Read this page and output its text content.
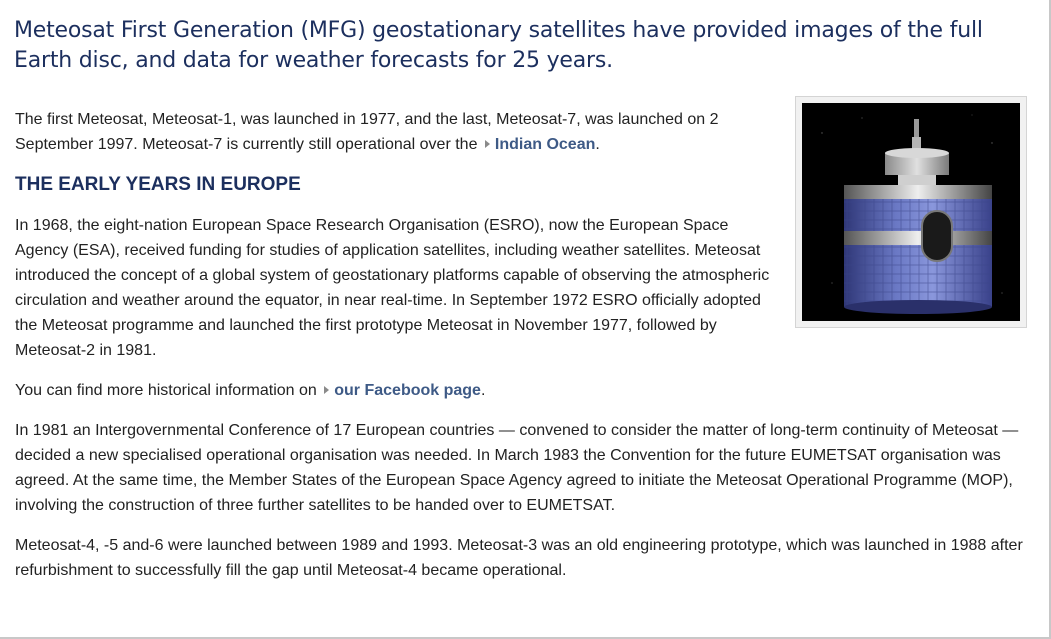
Meteosat First Generation (MFG) geostationary satellites have provided images of the full Earth disc, and data for weather forecasts for 25 years.

The first Meteosat, Meteosat-1, was launched in 1977, and the last, Meteosat-7, was launched on 2 September 1997. Meteosat-7 is currently still operational over the Indian Ocean.

THE EARLY YEARS IN EUROPE

In 1968, the eight-nation European Space Research Organisation (ESRO), now the European Space Agency (ESA), received funding for studies of application satellites, including weather satellites. Meteosat introduced the concept of a global system of geostationary platforms capable of observing the atmospheric circulation and weather around the equator, in near real-time. In September 1972 ESRO officially adopted the Meteosat programme and launched the first prototype Meteosat in November 1977, followed by Meteosat-2 in 1981.

You can find more historical information on our Facebook page.

In 1981 an Intergovernmental Conference of 17 European countries — convened to consider the matter of long-term continuity of Meteosat — decided a new specialised operational organisation was needed. In March 1983 the Convention for the future EUMETSAT organisation was agreed. At the same time, the Member States of the European Space Agency agreed to initiate the Meteosat Operational Programme (MOP), involving the construction of three further satellites to be handed over to EUMETSAT.

Meteosat-4, -5 and-6 were launched between 1989 and 1993. Meteosat-3 was an old engineering prototype, which was launched in 1988 after refurbishment to successfully fill the gap until Meteosat-4 became operational.
